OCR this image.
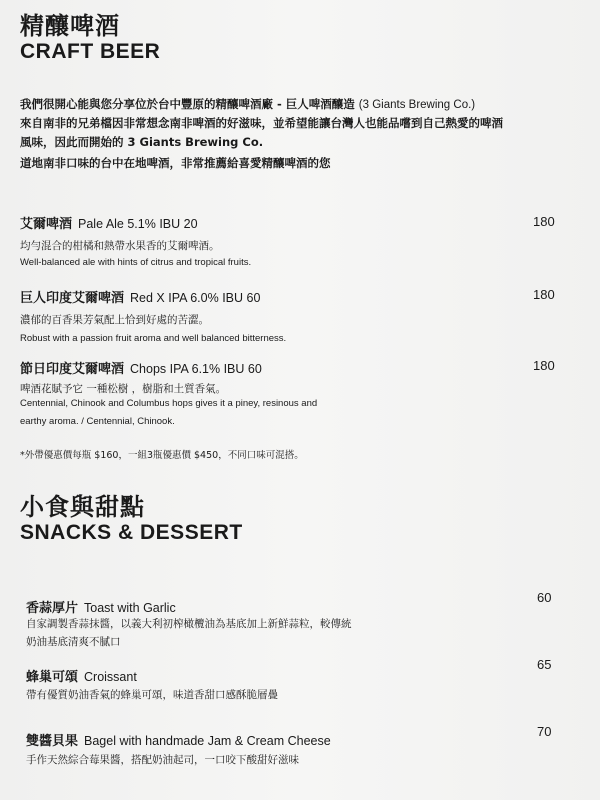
精釀啤酒
CRAFT BEER
我們很開心能與您分享位於台中豐原的精釀啤酒廠 - 巨人啤酒釀造 (3 Giants Brewing Co.)
來自南非的兄弟檔因非常想念南非啤酒的好滋味，並希望能讓台灣人也能品嚐到自己熱愛的啤酒
風味，因此而開始的 3 Giants Brewing Co.
道地南非口味的台中在地啤酒，非常推薦給喜愛精釀啤酒的您
艾爾啤酒 Pale Ale 5.1% IBU 20	180
均勻混合的柑橘和熱帶水果香的艾爾啤酒。
Well-balanced ale with hints of citrus and tropical fruits.
巨人印度艾爾啤酒 Red X IPA 6.0% IBU 60	180
濃郁的百香果芳氣配上恰到好處的苦澀。
Robust with a passion fruit aroma and well balanced bitterness.
節日印度艾爾啤酒 Chops IPA 6.1% IBU 60	180
啤酒花賦予它 一種松樹 ，樹脂和土質香氣。
Centennial, Chinook and Columbus hops gives it a piney, resinous and
earthy aroma. / Centennial, Chinook.
*外帶優惠價每瓶 $160，一組3瓶優惠價 $450，不同口味可混搭。
小食與甜點
SNACKS & DESSERT
香蒜厚片 Toast with Garlic
60
自家調製香蒜抹醬，以義大利初榨橄欖油為基底加上新鮮蒜粒，較傳統
奶油基底清爽不膩口
蜂巢可頌 Croissant
65
帶有優質奶油香氣的蜂巢可頌，味道香甜口感酥脆層疊
雙醬貝果 Bagel with handmade Jam & Cream Cheese
70
手作天然綜合莓果醬，搭配奶油起司，一口咬下酸甜好滋味
